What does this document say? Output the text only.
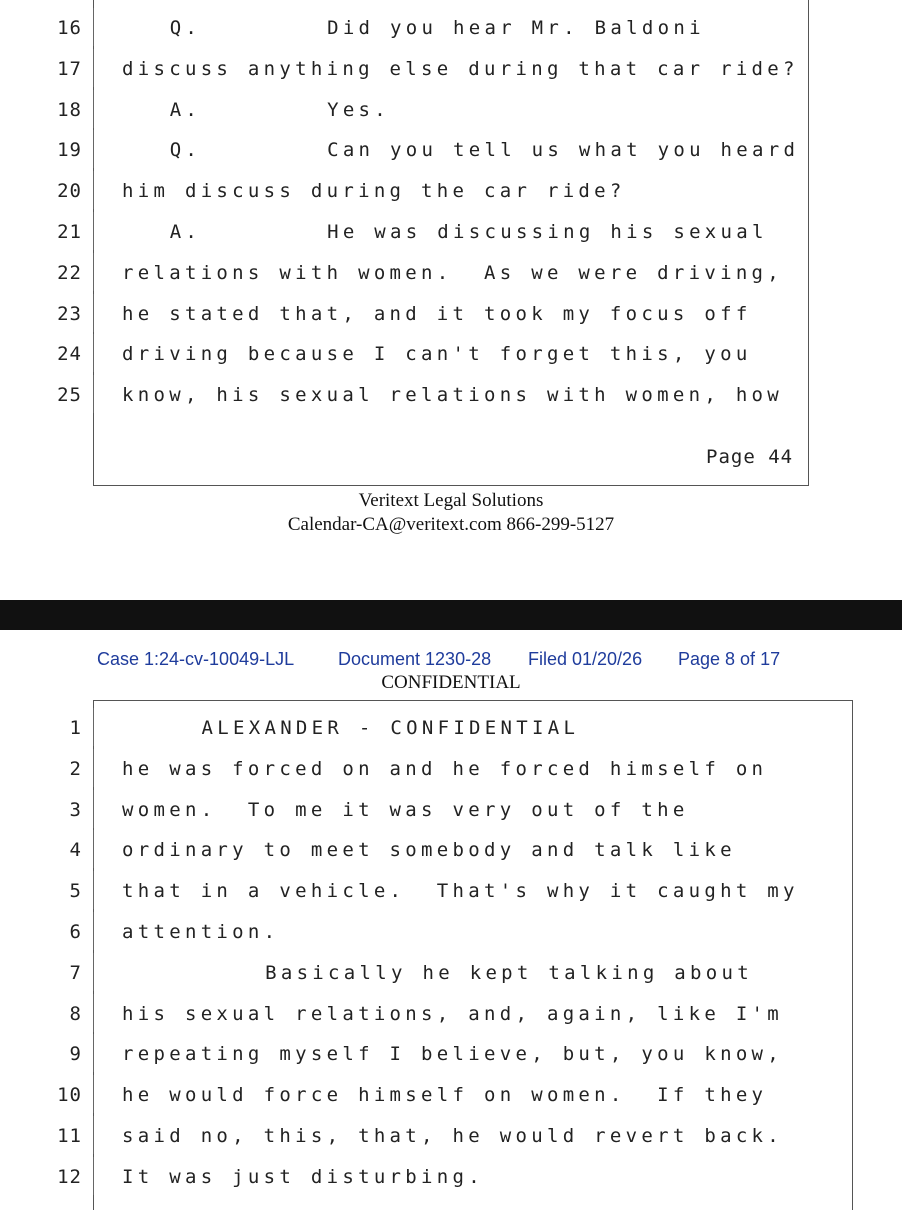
16	Q.        Did you hear Mr. Baldoni
17 discuss anything else during that car ride?
18	A.        Yes.
19	Q.        Can you tell us what you heard
20 him discuss during the car ride?
21	A.        He was discussing his sexual
22 relations with women.  As we were driving,
23 he stated that, and it took my focus off
24 driving because I can't forget this, you
25 know, his sexual relations with women, how
Page 44
Veritext Legal Solutions
Calendar-CA@veritext.com 866-299-5127
Case 1:24-cv-10049-LJL Document 1230-28 Filed 01/20/26 Page 8 of 17
CONFIDENTIAL
1	ALEXANDER - CONFIDENTIAL
2 he was forced on and he forced himself on
3 women.  To me it was very out of the
4 ordinary to meet somebody and talk like
5 that in a vehicle.  That's why it caught my
6 attention.
7	Basically he kept talking about
8 his sexual relations, and, again, like I'm
9 repeating myself I believe, but, you know,
10 he would force himself on women.  If they
11 said no, this, that, he would revert back.
12 It was just disturbing.
